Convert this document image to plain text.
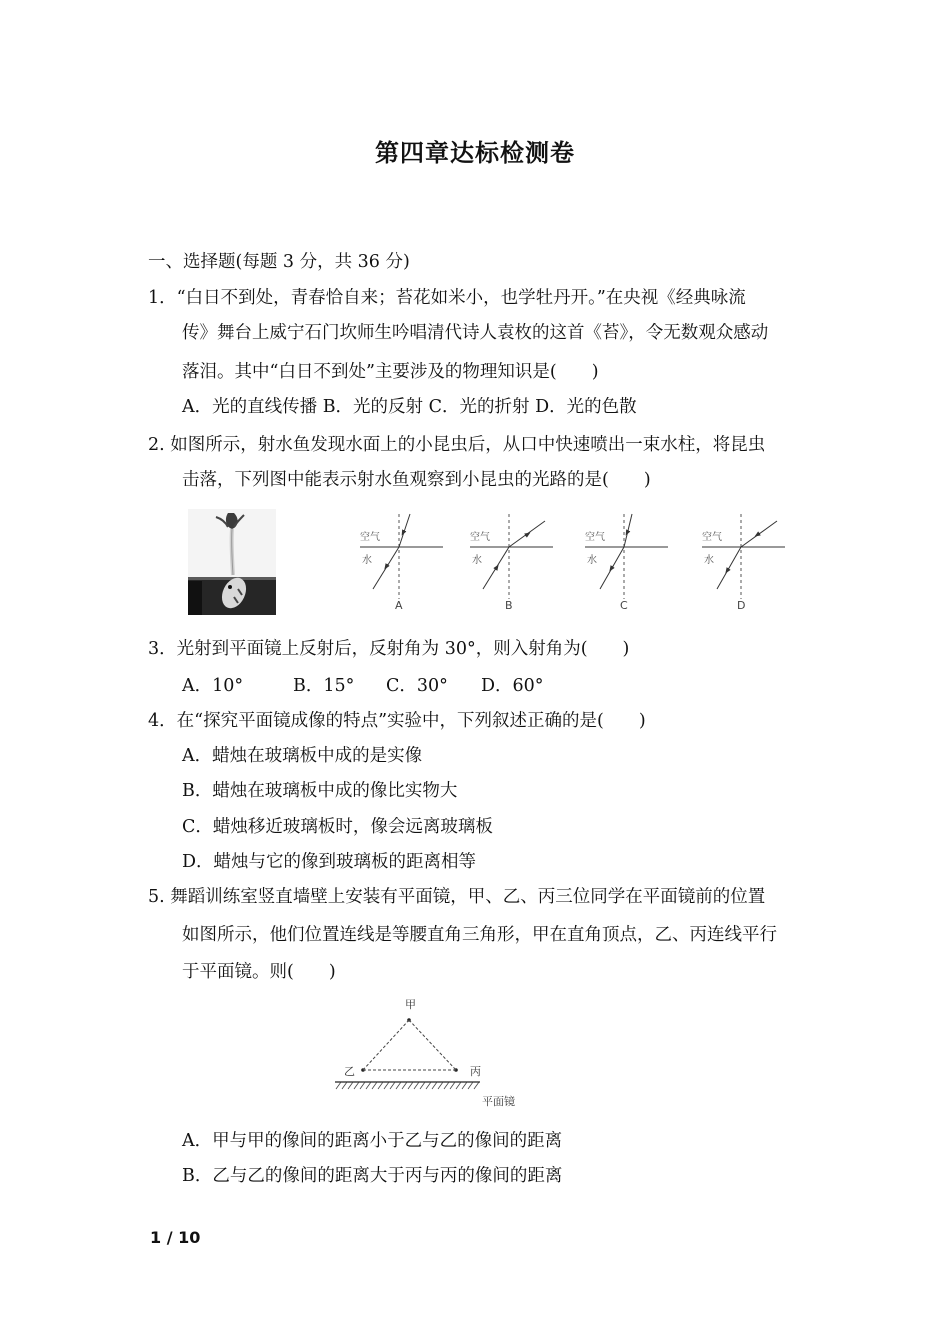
第四章达标检测卷
一、选择题(每题 3 分，共 36 分)
1．“白日不到处，青春恰自来；苔花如米小，也学牡丹开。”在央视《经典咏流
传》舞台上威宁石门坎师生吟唱清代诗人袁枚的这首《苔》，令无数观众感动
落泪。其中“白日不到处”主要涉及的物理知识是(　　)
A．光的直线传播 B．光的反射 C．光的折射 D．光的色散
2. 如图所示，射水鱼发现水面上的小昆虫后，从口中快速喷出一束水柱，将昆虫
击落，下列图中能表示射水鱼观察到小昆虫的光路的是(　　)
空气
水
A
空气
水
B
空气
水
C
空气
水
D
3．光射到平面镜上反射后，反射角为 30°，则入射角为(　　)
A．10°	B．15° C．30° D．60°
4．在“探究平面镜成像的特点”实验中，下列叙述正确的是(　　)
A．蜡烛在玻璃板中成的是实像
B．蜡烛在玻璃板中成的像比实物大
C．蜡烛移近玻璃板时，像会远离玻璃板
D．蜡烛与它的像到玻璃板的距离相等
5. 舞蹈训练室竖直墙壁上安装有平面镜，甲、乙、丙三位同学在平面镜前的位置
如图所示，他们位置连线是等腰直角三角形，甲在直角顶点，乙、丙连线平行
于平面镜。则(　　)
甲
乙	丙
平面镜
A．甲与甲的像间的距离小于乙与乙的像间的距离
B．乙与乙的像间的距离大于丙与丙的像间的距离
1 / 10
